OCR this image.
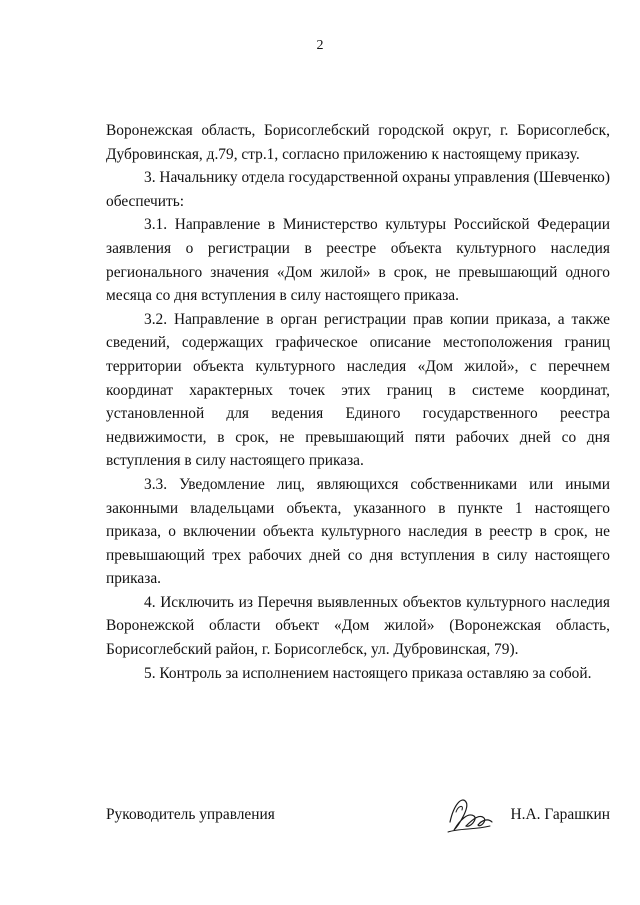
2

Воронежская область, Борисоглебский городской округ, г. Борисоглебск, Дубровинская, д.79, стр.1, согласно приложению к настоящему приказу.

3. Начальнику отдела государственной охраны управления (Шевченко) обеспечить:

3.1. Направление в Министерство культуры Российской Федерации заявления о регистрации в реестре объекта культурного наследия регионального значения «Дом жилой» в срок, не превышающий одного месяца со дня вступления в силу настоящего приказа.

3.2. Направление в орган регистрации прав копии приказа, а также сведений, содержащих графическое описание местоположения границ территории объекта культурного наследия «Дом жилой», с перечнем координат характерных точек этих границ в системе координат, установленной для ведения Единого государственного реестра недвижимости, в срок, не превышающий пяти рабочих дней со дня вступления в силу настоящего приказа.

3.3. Уведомление лиц, являющихся собственниками или иными законными владельцами объекта, указанного в пункте 1 настоящего приказа, о включении объекта культурного наследия в реестр в срок, не превышающий трех рабочих дней со дня вступления в силу настоящего приказа.

4. Исключить из Перечня выявленных объектов культурного наследия Воронежской области объект «Дом жилой» (Воронежская область, Борисоглебский район, г. Борисоглебск, ул. Дубровинская, 79).

5. Контроль за исполнением настоящего приказа оставляю за собой.

Руководитель управления	Н.А. Гарашкин
